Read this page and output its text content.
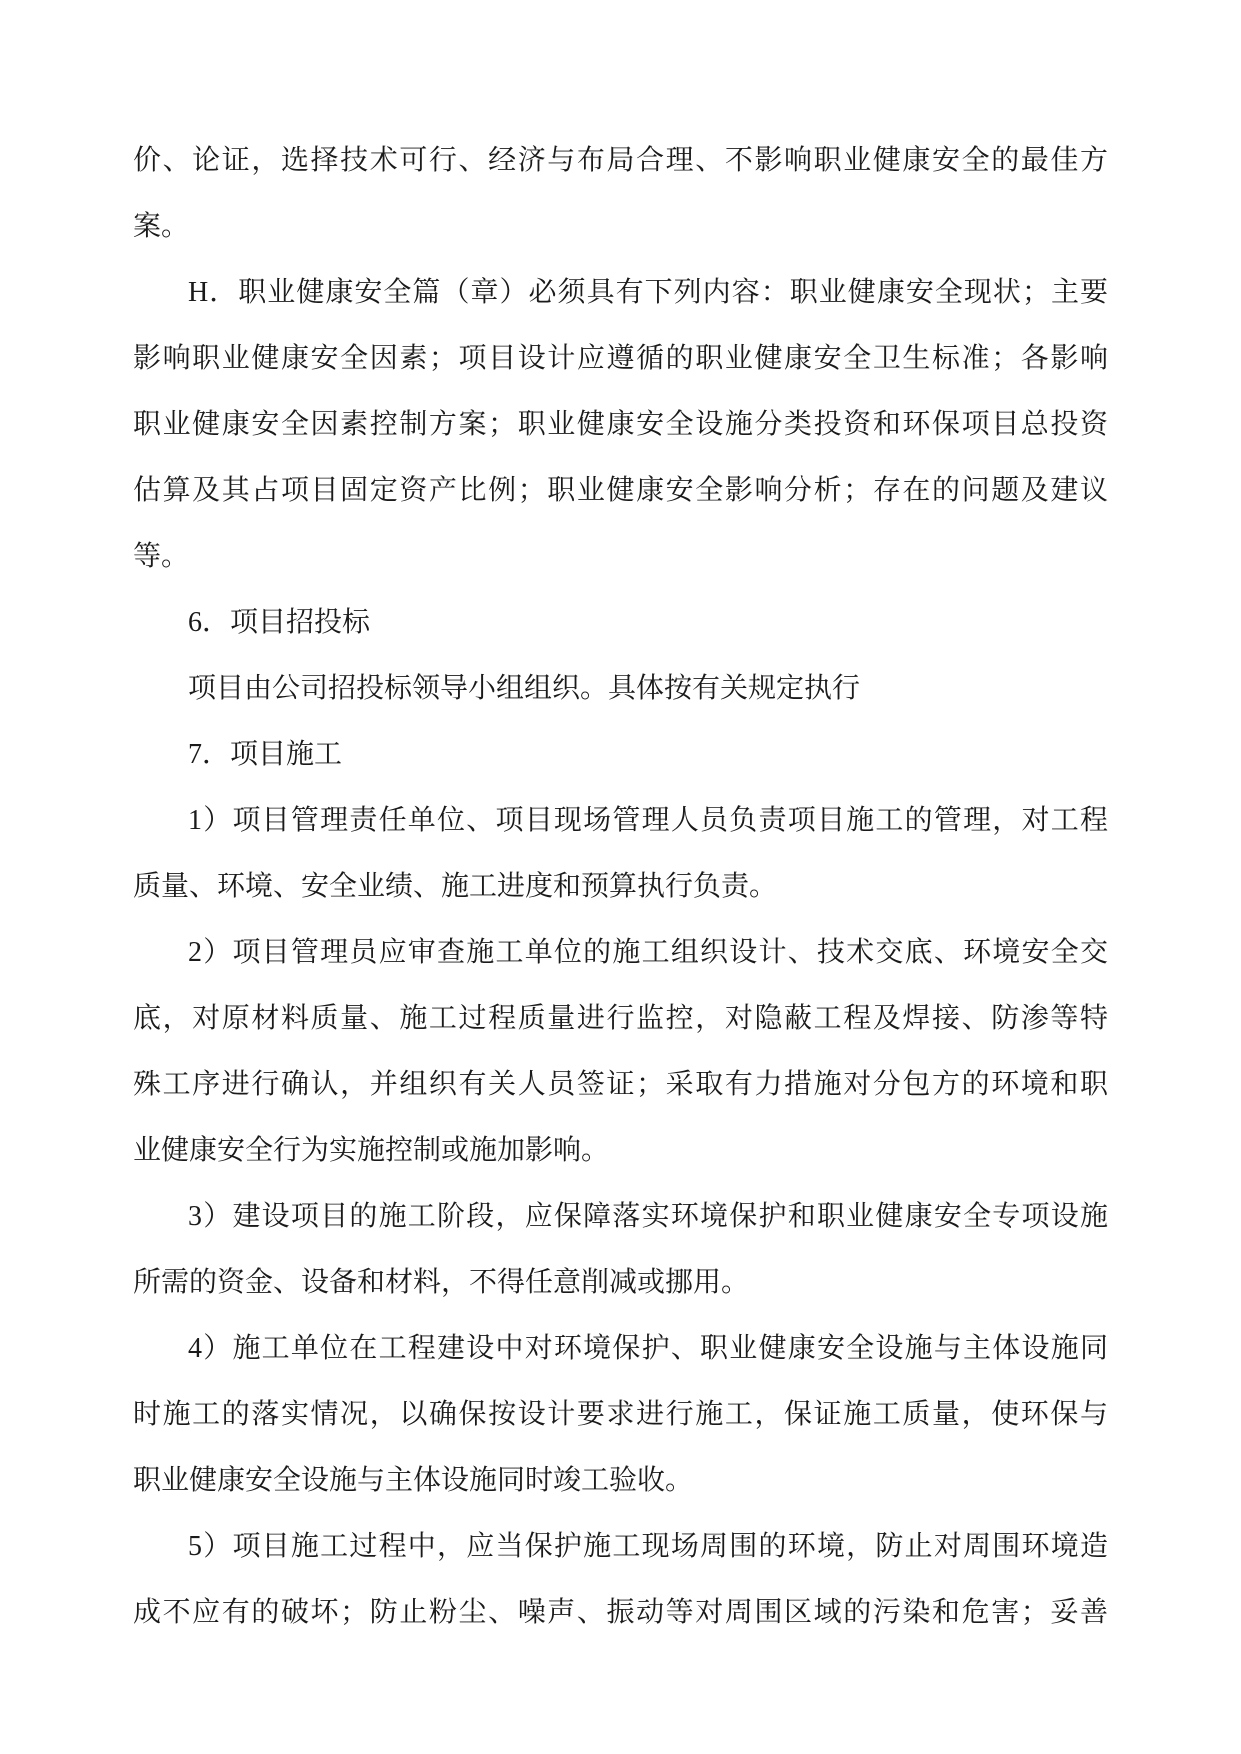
价、论证，选择技术可行、经济与布局合理、不影响职业健康安全的最佳方
案。
H．职业健康安全篇（章）必须具有下列内容：职业健康安全现状；主要
影响职业健康安全因素；项目设计应遵循的职业健康安全卫生标准；各影响
职业健康安全因素控制方案；职业健康安全设施分类投资和环保项目总投资
估算及其占项目固定资产比例；职业健康安全影响分析；存在的问题及建议
等。
6．项目招投标
项目由公司招投标领导小组组织。具体按有关规定执行
7．项目施工
1）项目管理责任单位、项目现场管理人员负责项目施工的管理，对工程
质量、环境、安全业绩、施工进度和预算执行负责。
2）项目管理员应审查施工单位的施工组织设计、技术交底、环境安全交
底，对原材料质量、施工过程质量进行监控，对隐蔽工程及焊接、防渗等特
殊工序进行确认，并组织有关人员签证；采取有力措施对分包方的环境和职
业健康安全行为实施控制或施加影响。
3）建设项目的施工阶段，应保障落实环境保护和职业健康安全专项设施
所需的资金、设备和材料，不得任意削减或挪用。
4）施工单位在工程建设中对环境保护、职业健康安全设施与主体设施同
时施工的落实情况，以确保按设计要求进行施工，保证施工质量，使环保与
职业健康安全设施与主体设施同时竣工验收。
5）项目施工过程中，应当保护施工现场周围的环境，防止对周围环境造
成不应有的破坏；防止粉尘、噪声、振动等对周围区域的污染和危害；妥善
